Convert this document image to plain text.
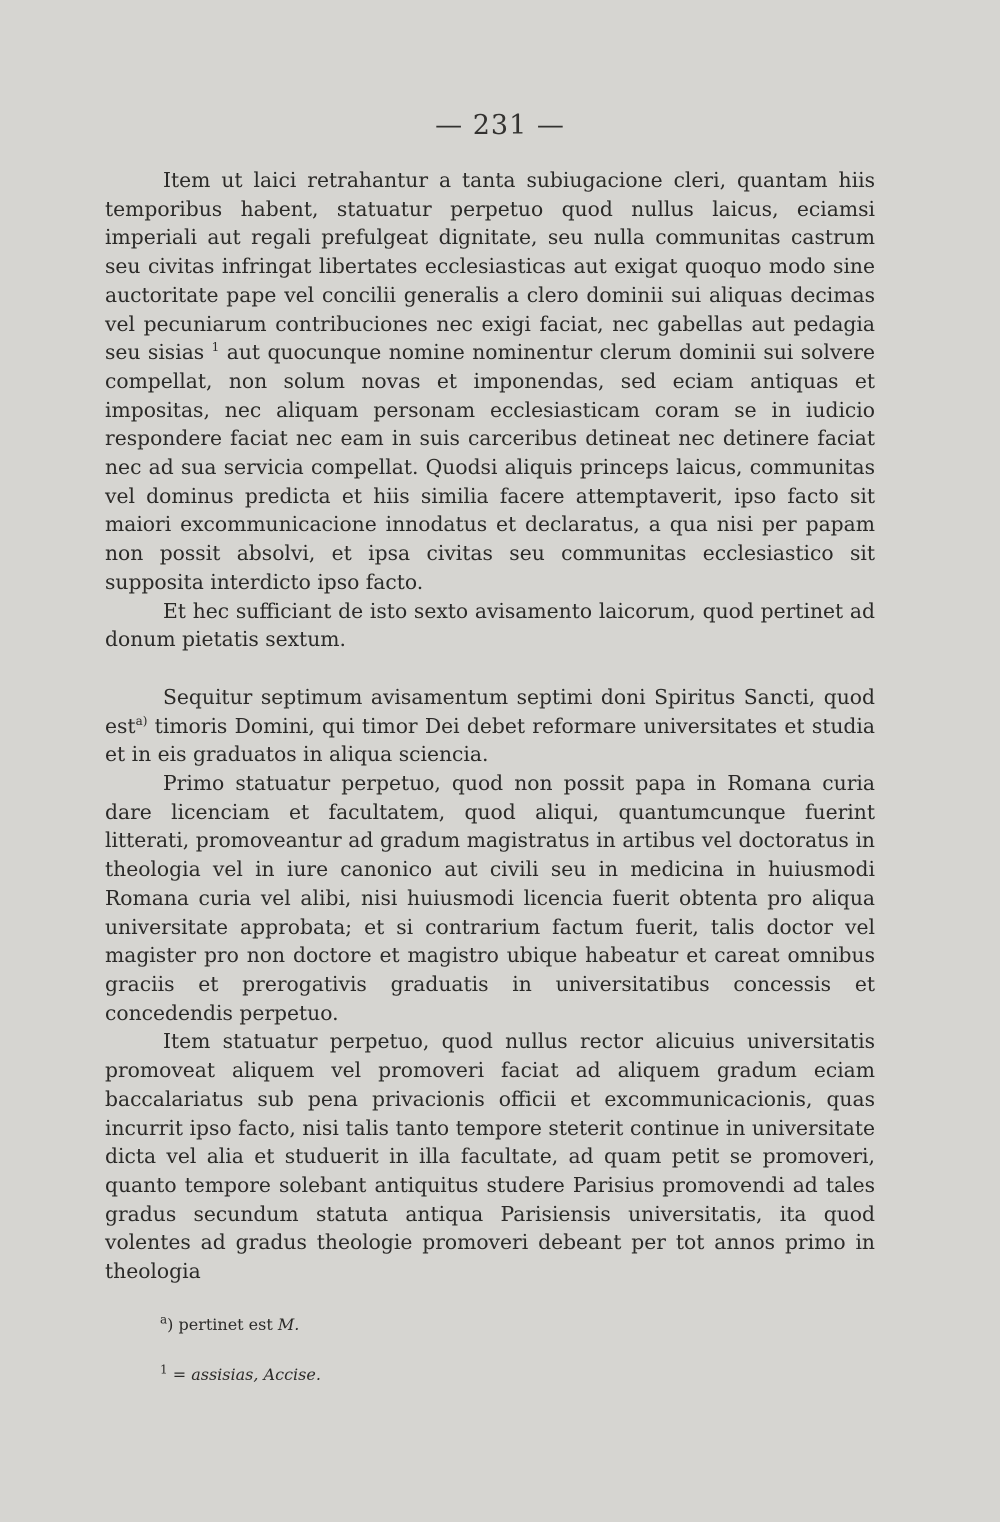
— 231 —

Item ut laici retrahantur a tanta subiugacione cleri, quantam hiis temporibus habent, statuatur perpetuo quod nullus laicus, eciamsi imperiali aut regali prefulgeat dignitate, seu nulla communitas castrum seu civitas infringat libertates ecclesiasticas aut exigat quoquo modo sine auctoritate pape vel concilii generalis a clero dominii sui aliquas decimas vel pecuniarum contribuciones nec exigi faciat, nec gabellas aut pedagia seu sisias $^1$ aut quocunque nomine nominentur clerum dominii sui solvere compellat, non solum novas et imponendas, sed eciam antiquas et impositas, nec aliquam personam ecclesiasticam coram se in iudicio respondere faciat nec eam in suis carceribus detineat nec detinere faciat nec ad sua servicia compellat. Quodsi aliquis princeps laicus, communitas vel dominus predicta et hiis similia facere attemptaverit, ipso facto sit maiori excommunicacione innodatus et declaratus, a qua nisi per papam non possit absolvi, et ipsa civitas seu communitas ecclesiastico sit supposita interdicto ipso facto.

Et hec sufficiant de isto sexto avisamento laicorum, quod pertinet ad donum pietatis sextum.

Sequitur septimum avisamentum septimi doni Spiritus Sancti, quod est$^{a)}$ timoris Domini, qui timor Dei debet reformare universitates et studia et in eis graduatos in aliqua sciencia.

Primo statuatur perpetuo, quod non possit papa in Romana curia dare licenciam et facultatem, quod aliqui, quantumcunque fuerint litterati, promoveantur ad gradum magistratus in artibus vel doctoratus in theologia vel in iure canonico aut civili seu in medicina in huiusmodi Romana curia vel alibi, nisi huiusmodi licencia fuerit obtenta pro aliqua universitate approbata; et si contrarium factum fuerit, talis doctor vel magister pro non doctore et magistro ubique habeatur et careat omnibus graciis et prerogativis graduatis in universitatibus concessis et concedendis perpetuo.

Item statuatur perpetuo, quod nullus rector alicuius universitatis promoveat aliquem vel promoveri faciat ad aliquem gradum eciam baccalariatus sub pena privacionis officii et excommunicacionis, quas incurrit ipso facto, nisi talis tanto tempore steterit continue in universitate dicta vel alia et studuerit in illa facultate, ad quam petit se promoveri, quanto tempore solebant antiquitus studere Parisius promovendi ad tales gradus secundum statuta antiqua Parisiensis universitatis, ita quod volentes ad gradus theologie promoveri debeant per tot annos primo in theologia

$^a$) pertinet est M.

$^1$ = assisias, Accise.
